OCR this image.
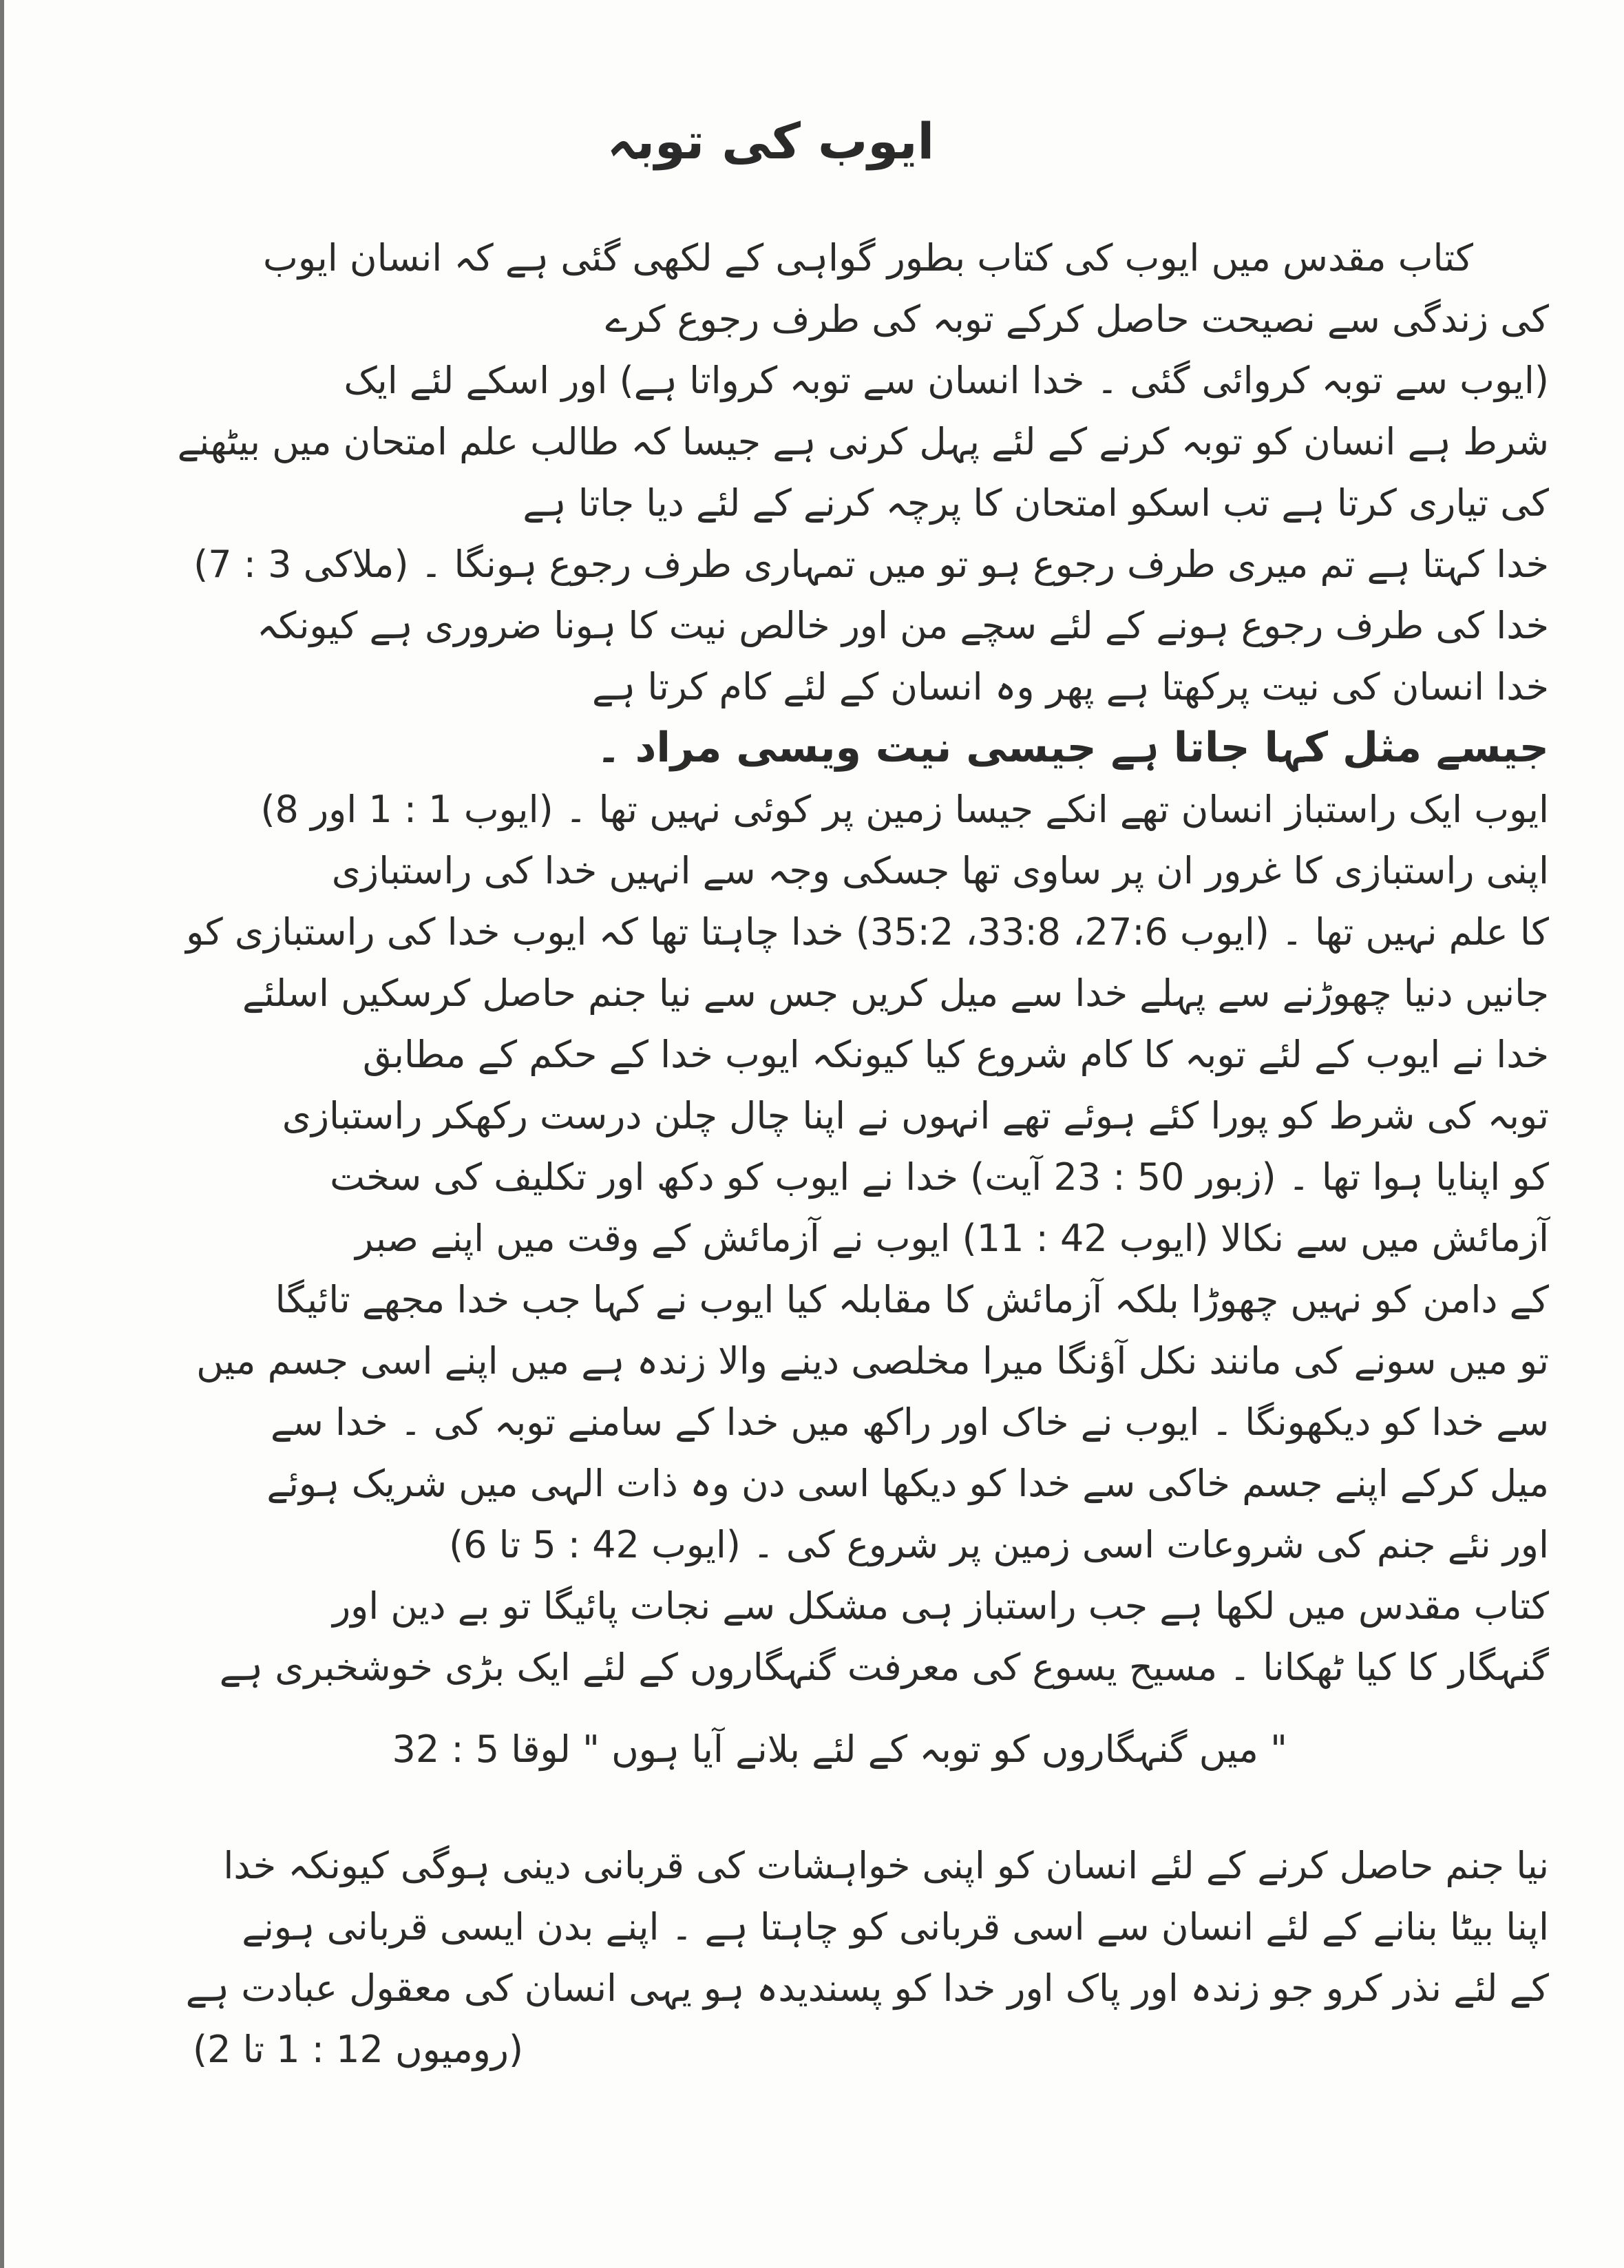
ایوب کی توبہ
کتاب مقدس میں ایوب کی کتاب بطور گواہی کے لکھی گئی ہے کہ انسان ایوب
کی زندگی سے نصیحت حاصل کرکے توبہ کی طرف رجوع کرے
(ایوب سے توبہ کروائی گئی ۔ خدا انسان سے توبہ کرواتا ہے) اور اسکے لئے ایک
شرط ہے انسان کو توبہ کرنے کے لئے پہل کرنی ہے جیسا کہ طالب علم امتحان میں بیٹھنے
کی تیاری کرتا ہے تب اسکو امتحان کا پرچہ کرنے کے لئے دیا جاتا ہے
خدا کہتا ہے تم میری طرف رجوع ہو تو میں تمہاری طرف رجوع ہونگا ۔ (ملاکی 3 : 7)
خدا کی طرف رجوع ہونے کے لئے سچے من اور خالص نیت کا ہونا ضروری ہے کیونکہ
خدا انسان کی نیت پرکھتا ہے پھر وہ انسان کے لئے کام کرتا ہے
جیسے مثل کہا جاتا ہے جیسی نیت ویسی مراد ۔
ایوب ایک راستباز انسان تھے انکے جیسا زمین پر کوئی نہیں تھا ۔ (ایوب 1 : 1 اور 8)
اپنی راستبازی کا غرور ان پر ساوی تھا جسکی وجہ سے انہیں خدا کی راستبازی
کا علم نہیں تھا ۔ (ایوب 27:6، 33:8، 35:2) خدا چاہتا تھا کہ ایوب خدا کی راستبازی کو
جانیں دنیا چھوڑنے سے پہلے خدا سے میل کریں جس سے نیا جنم حاصل کرسکیں اسلئے
خدا نے ایوب کے لئے توبہ کا کام شروع کیا کیونکہ ایوب خدا کے حکم کے مطابق
توبہ کی شرط کو پورا کئے ہوئے تھے انہوں نے اپنا چال چلن درست رکھکر راستبازی
کو اپنایا ہوا تھا ۔ (زبور 50 : 23 آیت) خدا نے ایوب کو دکھ اور تکلیف کی سخت
آزمائش میں سے نکالا (ایوب 42 : 11) ایوب نے آزمائش کے وقت میں اپنے صبر
کے دامن کو نہیں چھوڑا بلکہ آزمائش کا مقابلہ کیا ایوب نے کہا جب خدا مجھے تائیگا
تو میں سونے کی مانند نکل آؤنگا میرا مخلصی دینے والا زندہ ہے میں اپنے اسی جسم میں
سے خدا کو دیکھونگا ۔ ایوب نے خاک اور راکھ میں خدا کے سامنے توبہ کی ۔ خدا سے
میل کرکے اپنے جسم خاکی سے خدا کو دیکھا اسی دن وہ ذات الہی میں شریک ہوئے
اور نئے جنم کی شروعات اسی زمین پر شروع کی ۔ (ایوب 42 : 5 تا 6)
کتاب مقدس میں لکھا ہے جب راستباز ہی مشکل سے نجات پائیگا تو بے دین اور
گنہگار کا کیا ٹھکانا ۔ مسیح یسوع کی معرفت گنہگاروں کے لئے ایک بڑی خوشخبری ہے
" میں گنہگاروں کو توبہ کے لئے بلانے آیا ہوں " لوقا 5 : 32
نیا جنم حاصل کرنے کے لئے انسان کو اپنی خواہشات کی قربانی دینی ہوگی کیونکہ خدا
اپنا بیٹا بنانے کے لئے انسان سے اسی قربانی کو چاہتا ہے ۔ اپنے بدن ایسی قربانی ہونے
کے لئے نذر کرو جو زندہ اور پاک اور خدا کو پسندیدہ ہو یہی انسان کی معقول عبادت ہے
(رومیوں 12 : 1 تا 2)
